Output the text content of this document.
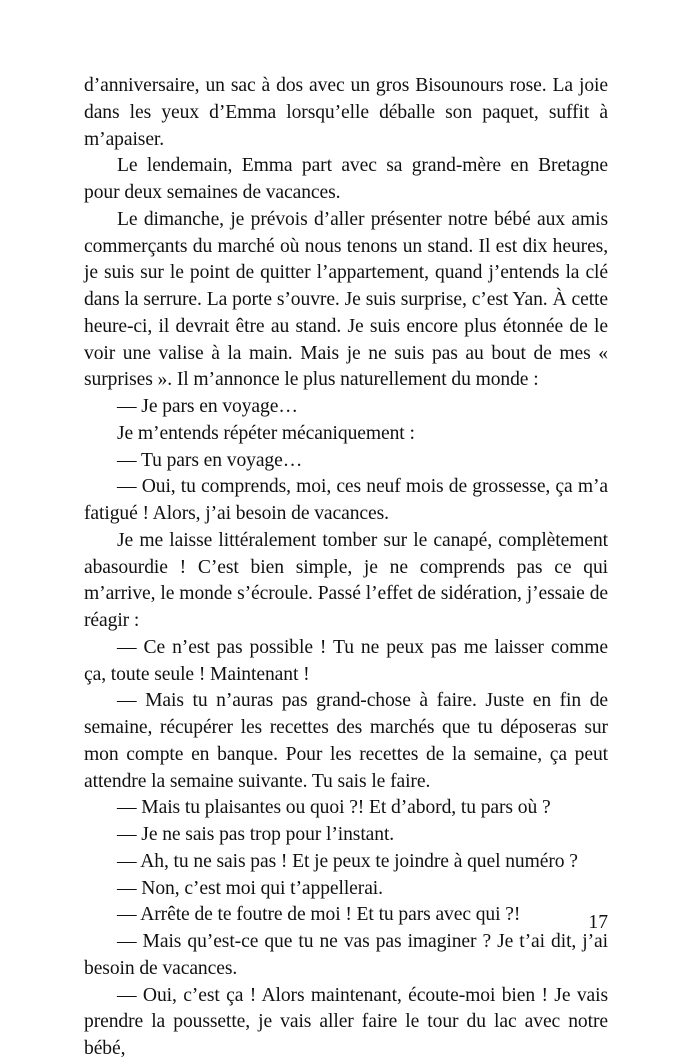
d’anniversaire, un sac à dos avec un gros Bisounours rose. La joie dans les yeux d’Emma lorsqu’elle déballe son paquet, suffit à m’apaiser.

Le lendemain, Emma part avec sa grand-mère en Bretagne pour deux semaines de vacances.

Le dimanche, je prévois d’aller présenter notre bébé aux amis commerçants du marché où nous tenons un stand. Il est dix heures, je suis sur le point de quitter l’appartement, quand j’entends la clé dans la serrure. La porte s’ouvre. Je suis surprise, c’est Yan. À cette heure-ci, il devrait être au stand. Je suis encore plus étonnée de le voir une valise à la main. Mais je ne suis pas au bout de mes « surprises ». Il m’annonce le plus naturellement du monde :

— Je pars en voyage…

Je m’entends répéter mécaniquement :

— Tu pars en voyage…

— Oui, tu comprends, moi, ces neuf mois de grossesse, ça m’a fatigué ! Alors, j’ai besoin de vacances.

Je me laisse littéralement tomber sur le canapé, complètement abasourdie ! C’est bien simple, je ne comprends pas ce qui m’arrive, le monde s’écroule. Passé l’effet de sidération, j’essaie de réagir :

— Ce n’est pas possible ! Tu ne peux pas me laisser comme ça, toute seule ! Maintenant !

— Mais tu n’auras pas grand-chose à faire. Juste en fin de semaine, récupérer les recettes des marchés que tu déposeras sur mon compte en banque. Pour les recettes de la semaine, ça peut attendre la semaine suivante. Tu sais le faire.

— Mais tu plaisantes ou quoi ?! Et d’abord, tu pars où ?

— Je ne sais pas trop pour l’instant.

— Ah, tu ne sais pas ! Et je peux te joindre à quel numéro ?

— Non, c’est moi qui t’appellerai.

— Arrête de te foutre de moi ! Et tu pars avec qui ?!

— Mais qu’est-ce que tu ne vas pas imaginer ? Je t’ai dit, j’ai besoin de vacances.

— Oui, c’est ça ! Alors maintenant, écoute-moi bien ! Je vais prendre la poussette, je vais aller faire le tour du lac avec notre bébé,

17
